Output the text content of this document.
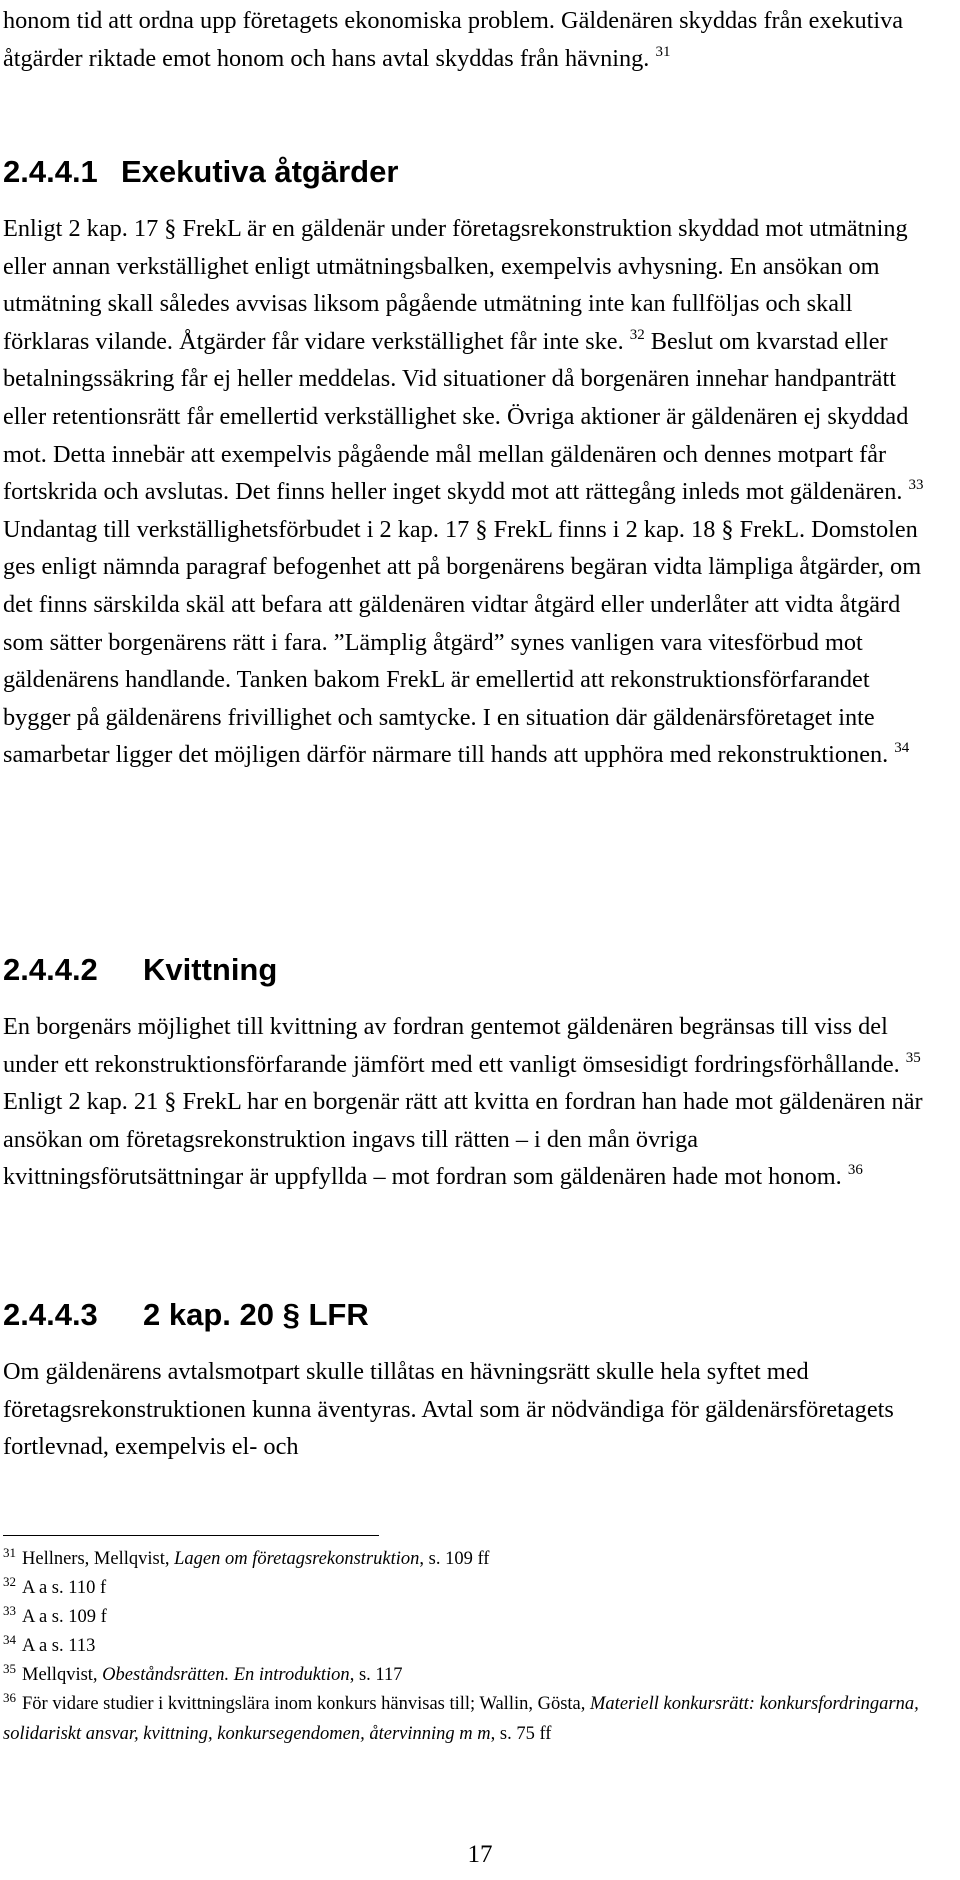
honom tid att ordna upp företagets ekonomiska problem. Gäldenären skyddas från exekutiva åtgärder riktade emot honom och hans avtal skyddas från hävning. $^{31}$

2.4.4.1 Exekutiva åtgärder

Enligt 2 kap. 17 § FrekL är en gäldenär under företagsrekonstruktion skyddad mot utmätning eller annan verkställighet enligt utmätningsbalken, exempelvis avhysning. En ansökan om utmätning skall således avvisas liksom pågående utmätning inte kan fullföljas och skall förklaras vilande. Åtgärder får vidare verkställighet får inte ske. $^{32}$ Beslut om kvarstad eller betalningssäkring får ej heller meddelas. Vid situationer då borgenären innehar handpanträtt eller retentionsrätt får emellertid verkställighet ske. Övriga aktioner är gäldenären ej skyddad mot. Detta innebär att exempelvis pågående mål mellan gäldenären och dennes motpart får fortskrida och avslutas. Det finns heller inget skydd mot att rättegång inleds mot gäldenären. $^{33}$ Undantag till verkställighetsförbudet i 2 kap. 17 § FrekL finns i 2 kap. 18 § FrekL. Domstolen ges enligt nämnda paragraf befogenhet att på borgenärens begäran vidta lämpliga åtgärder, om det finns särskilda skäl att befara att gäldenären vidtar åtgärd eller underlåter att vidta åtgärd som sätter borgenärens rätt i fara. ”Lämplig åtgärd” synes vanligen vara vitesförbud mot gäldenärens handlande. Tanken bakom FrekL är emellertid att rekonstruktionsförfarandet bygger på gäldenärens frivillighet och samtycke. I en situation där gäldenärsföretaget inte samarbetar ligger det möjligen därför närmare till hands att upphöra med rekonstruktionen. $^{34}$

2.4.4.2 Kvittning

En borgenärs möjlighet till kvittning av fordran gentemot gäldenären begränsas till viss del under ett rekonstruktionsförfarande jämfört med ett vanligt ömsesidigt fordringsförhållande. $^{35}$ Enligt 2 kap. 21 § FrekL har en borgenär rätt att kvitta en fordran han hade mot gäldenären när ansökan om företagsrekonstruktion ingavs till rätten – i den mån övriga kvittningsförutsättningar är uppfyllda – mot fordran som gäldenären hade mot honom. $^{36}$

2.4.4.3 2 kap. 20 § LFR

Om gäldenärens avtalsmotpart skulle tillåtas en hävningsrätt skulle hela syftet med företagsrekonstruktionen kunna äventyras. Avtal som är nödvändiga för gäldenärsföretagets fortlevnad, exempelvis el- och

$^{31}$ Hellners, Mellqvist, Lagen om företagsrekonstruktion, s. 109 ff

$^{32}$ A a s. 110 f

$^{33}$ A a s. 109 f

$^{34}$ A a s. 113

$^{35}$ Mellqvist, Obeståndsrätten. En introduktion, s. 117

$^{36}$ För vidare studier i kvittningslära inom konkurs hänvisas till; Wallin, Gösta, Materiell konkursrätt: konkursfordringarna, solidariskt ansvar, kvittning, konkursegendomen, återvinning m m, s. 75 ff

17
